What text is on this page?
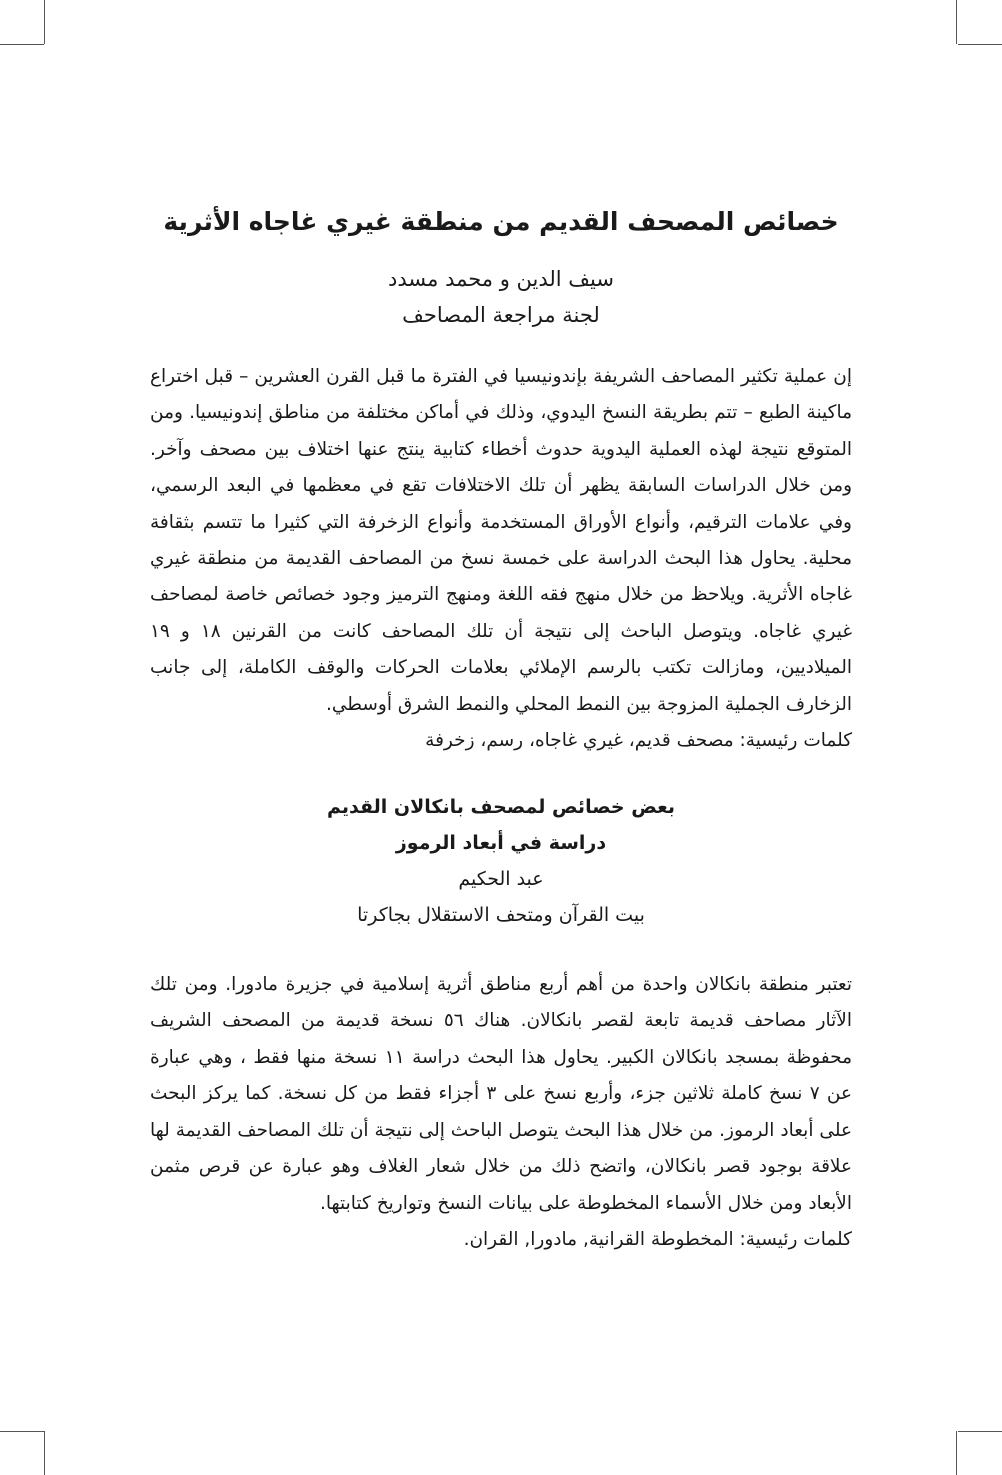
خصائص المصحف القديم من منطقة غيري غاجاه الأثرية
سيف الدين و محمد مسدد
لجنة مراجعة المصاحف

إن عملية تكثير المصاحف الشريفة بإندونيسيا في الفترة ما قبل القرن العشرين – قبل اختراع ماكينة الطبع – تتم بطريقة النسخ اليدوي، وذلك في أماكن مختلفة من مناطق إندونيسيا. ومن المتوقع نتيجة لهذه العملية اليدوية حدوث أخطاء كتابية ينتج عنها اختلاف بين مصحف وآخر. ومن خلال الدراسات السابقة يظهر أن تلك الاختلافات تقع في معظمها في البعد الرسمي، وفي علامات الترقيم، وأنواع الأوراق المستخدمة وأنواع الزخرفة التي كثيرا ما تتسم بثقافة محلية. يحاول هذا البحث الدراسة على خمسة نسخ من المصاحف القديمة من منطقة غيري غاجاه الأثرية. ويلاحظ من خلال منهج فقه اللغة ومنهج الترميز وجود خصائص خاصة لمصاحف غيري غاجاه. ويتوصل الباحث إلى نتيجة أن تلك المصاحف كانت من القرنين ١٨ و ١٩ الميلاديين، ومازالت تكتب بالرسم الإملائي بعلامات الحركات والوقف الكاملة، إلى جانب الزخارف الجملية المزوجة بين النمط المحلي والنمط الشرق أوسطي.

كلمات رئيسية: مصحف قديم، غيري غاجاه، رسم، زخرفة
بعض خصائص لمصحف بانكالان القديم
دراسة في أبعاد الرموز
عبد الحكيم
بيت القرآن ومتحف الاستقلال بجاكرتا

تعتبر منطقة بانكالان واحدة من أهم أربع مناطق أثرية إسلامية في جزيرة مادورا. ومن تلك الآثار مصاحف قديمة تابعة لقصر بانكالان. هناك ٥٦ نسخة قديمة من المصحف الشريف محفوظة بمسجد بانكالان الكبير. يحاول هذا البحث دراسة ١١ نسخة منها فقط ، وهي عبارة عن ٧ نسخ كاملة ثلاثين جزء، وأربع نسخ على ٣ أجزاء فقط من كل نسخة. كما يركز البحث على أبعاد الرموز. من خلال هذا البحث يتوصل الباحث إلى نتيجة أن تلك المصاحف القديمة لها علاقة بوجود قصر بانكالان، واتضح ذلك من خلال شعار الغلاف وهو عبارة عن قرص مثمن الأبعاد ومن خلال الأسماء المخطوطة على بيانات النسخ وتواريخ كتابتها.

كلمات رئيسية: المخطوطة القرانية, مادورا, القران.
